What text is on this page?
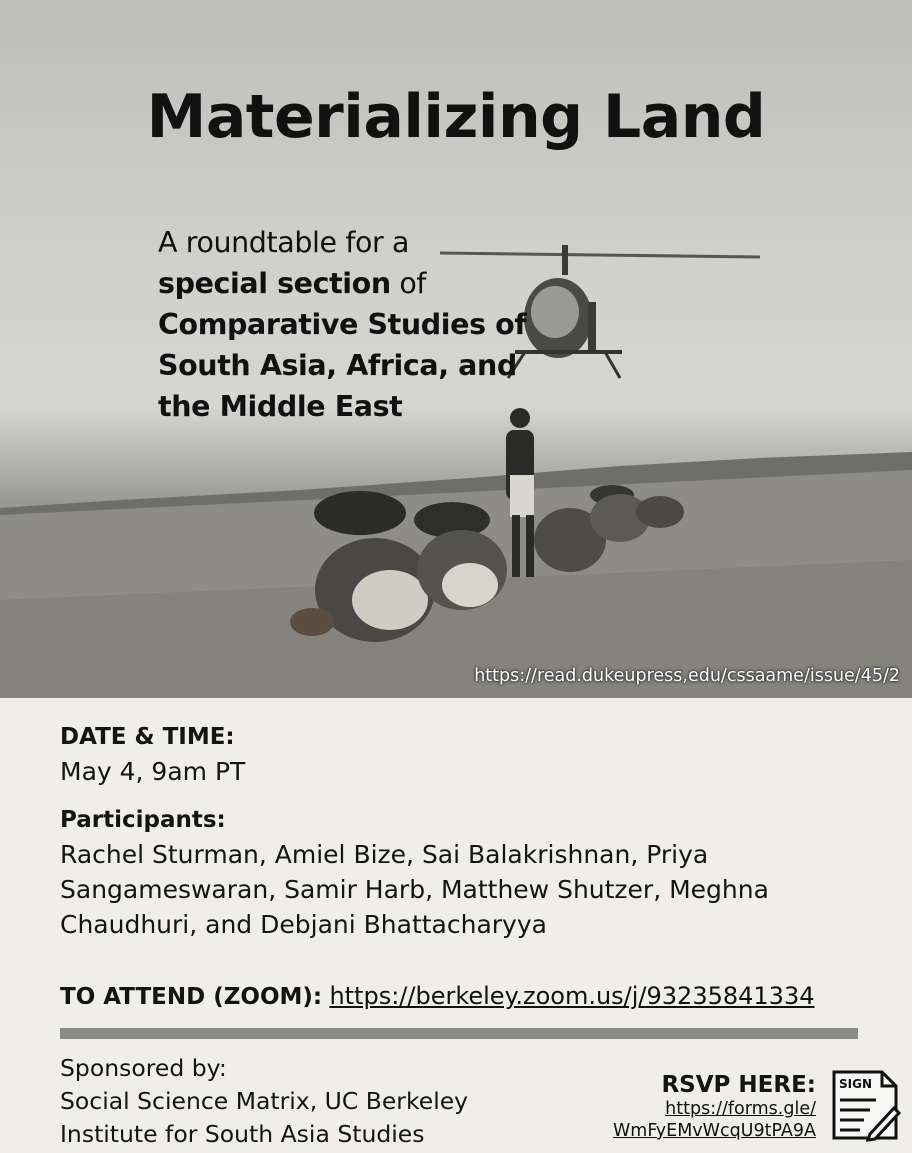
Materializing Land
A roundtable for a
special section of
Comparative Studies of South Asia, Africa, and the Middle East
https://read.dukeupress,edu/cssaame/issue/45/2

DATE & TIME:

May 4, 9am PT

Participants:

Rachel Sturman, Amiel Bize, Sai Balakrishnan, Priya Sangameswaran, Samir Harb, Matthew Shutzer, Meghna Chaudhuri, and Debjani Bhattacharyya

TO ATTEND (ZOOM): https://berkeley.zoom.us/j/93235841334
Sponsored by:
Social Science Matrix, UC Berkeley
Institute for South Asia Studies
RSVP HERE:
https://forms.gle/
WmFyEMvWcqU9tPA9A
SIGN
